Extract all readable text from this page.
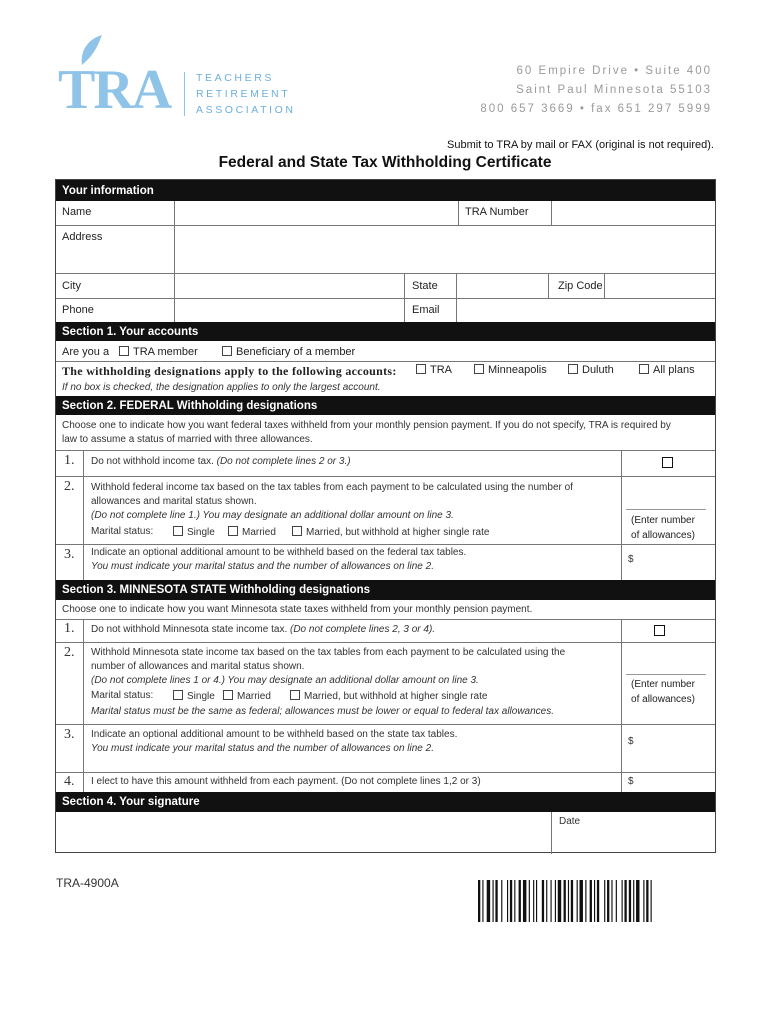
TRA TEACHERS
RETIREMENT
ASSOCIATION
60 Empire Drive • Suite 400
Saint Paul Minnesota 55103
800 657 3669 • fax 651 297 5999
Submit to TRA by mail or FAX (original is not required).
Federal and State Tax Withholding Certificate
Your information
Name	TRA Number
Address
City	State	Zip Code
Phone	Email
Section 1. Your accounts
Are you a	TRA member	Beneficiary of a member
The withholding designations apply to the following accounts:	TRA	Minneapolis	Duluth	All plans
If no box is checked, the designation applies to only the largest account.
Section 2. FEDERAL Withholding designations
Choose one to indicate how you want federal taxes withheld from your monthly pension payment. If you do not specify, TRA is required by
law to assume a status of married with three allowances.
1. Do not withhold income tax. (Do not complete lines 2 or 3.)
2. Withhold federal income tax based on the tax tables from each payment to be calculated using the number of
allowances and marital status shown.
(Do not complete line 1.) You may designate an additional dollar amount on line 3.
Marital status:	Single	Married	Married, but withhold at higher single rate
(Enter number
of allowances)
3. Indicate an optional additional amount to be withheld based on the federal tax tables.
You must indicate your marital status and the number of allowances on line 2.
$
Section 3. MINNESOTA STATE Withholding designations
Choose one to indicate how you want Minnesota state taxes withheld from your monthly pension payment.
1. Do not withhold Minnesota state income tax. (Do not complete lines 2, 3 or 4).
2. Withhold Minnesota state income tax based on the tax tables from each payment to be calculated using the
number of allowances and marital status shown.
(Do not complete lines 1 or 4.) You may designate an additional dollar amount on line 3.
Marital status:	Single	Married	Married, but withhold at higher single rate
Marital status must be the same as federal; allowances must be lower or equal to federal tax allowances.
(Enter number
of allowances)
3. Indicate an optional additional amount to be withheld based on the state tax tables.
You must indicate your marital status and the number of allowances on line 2.
$
4. I elect to have this amount withheld from each payment. (Do not complete lines 1,2 or 3)	$
Section 4. Your signature
Date
TRA-4900A
